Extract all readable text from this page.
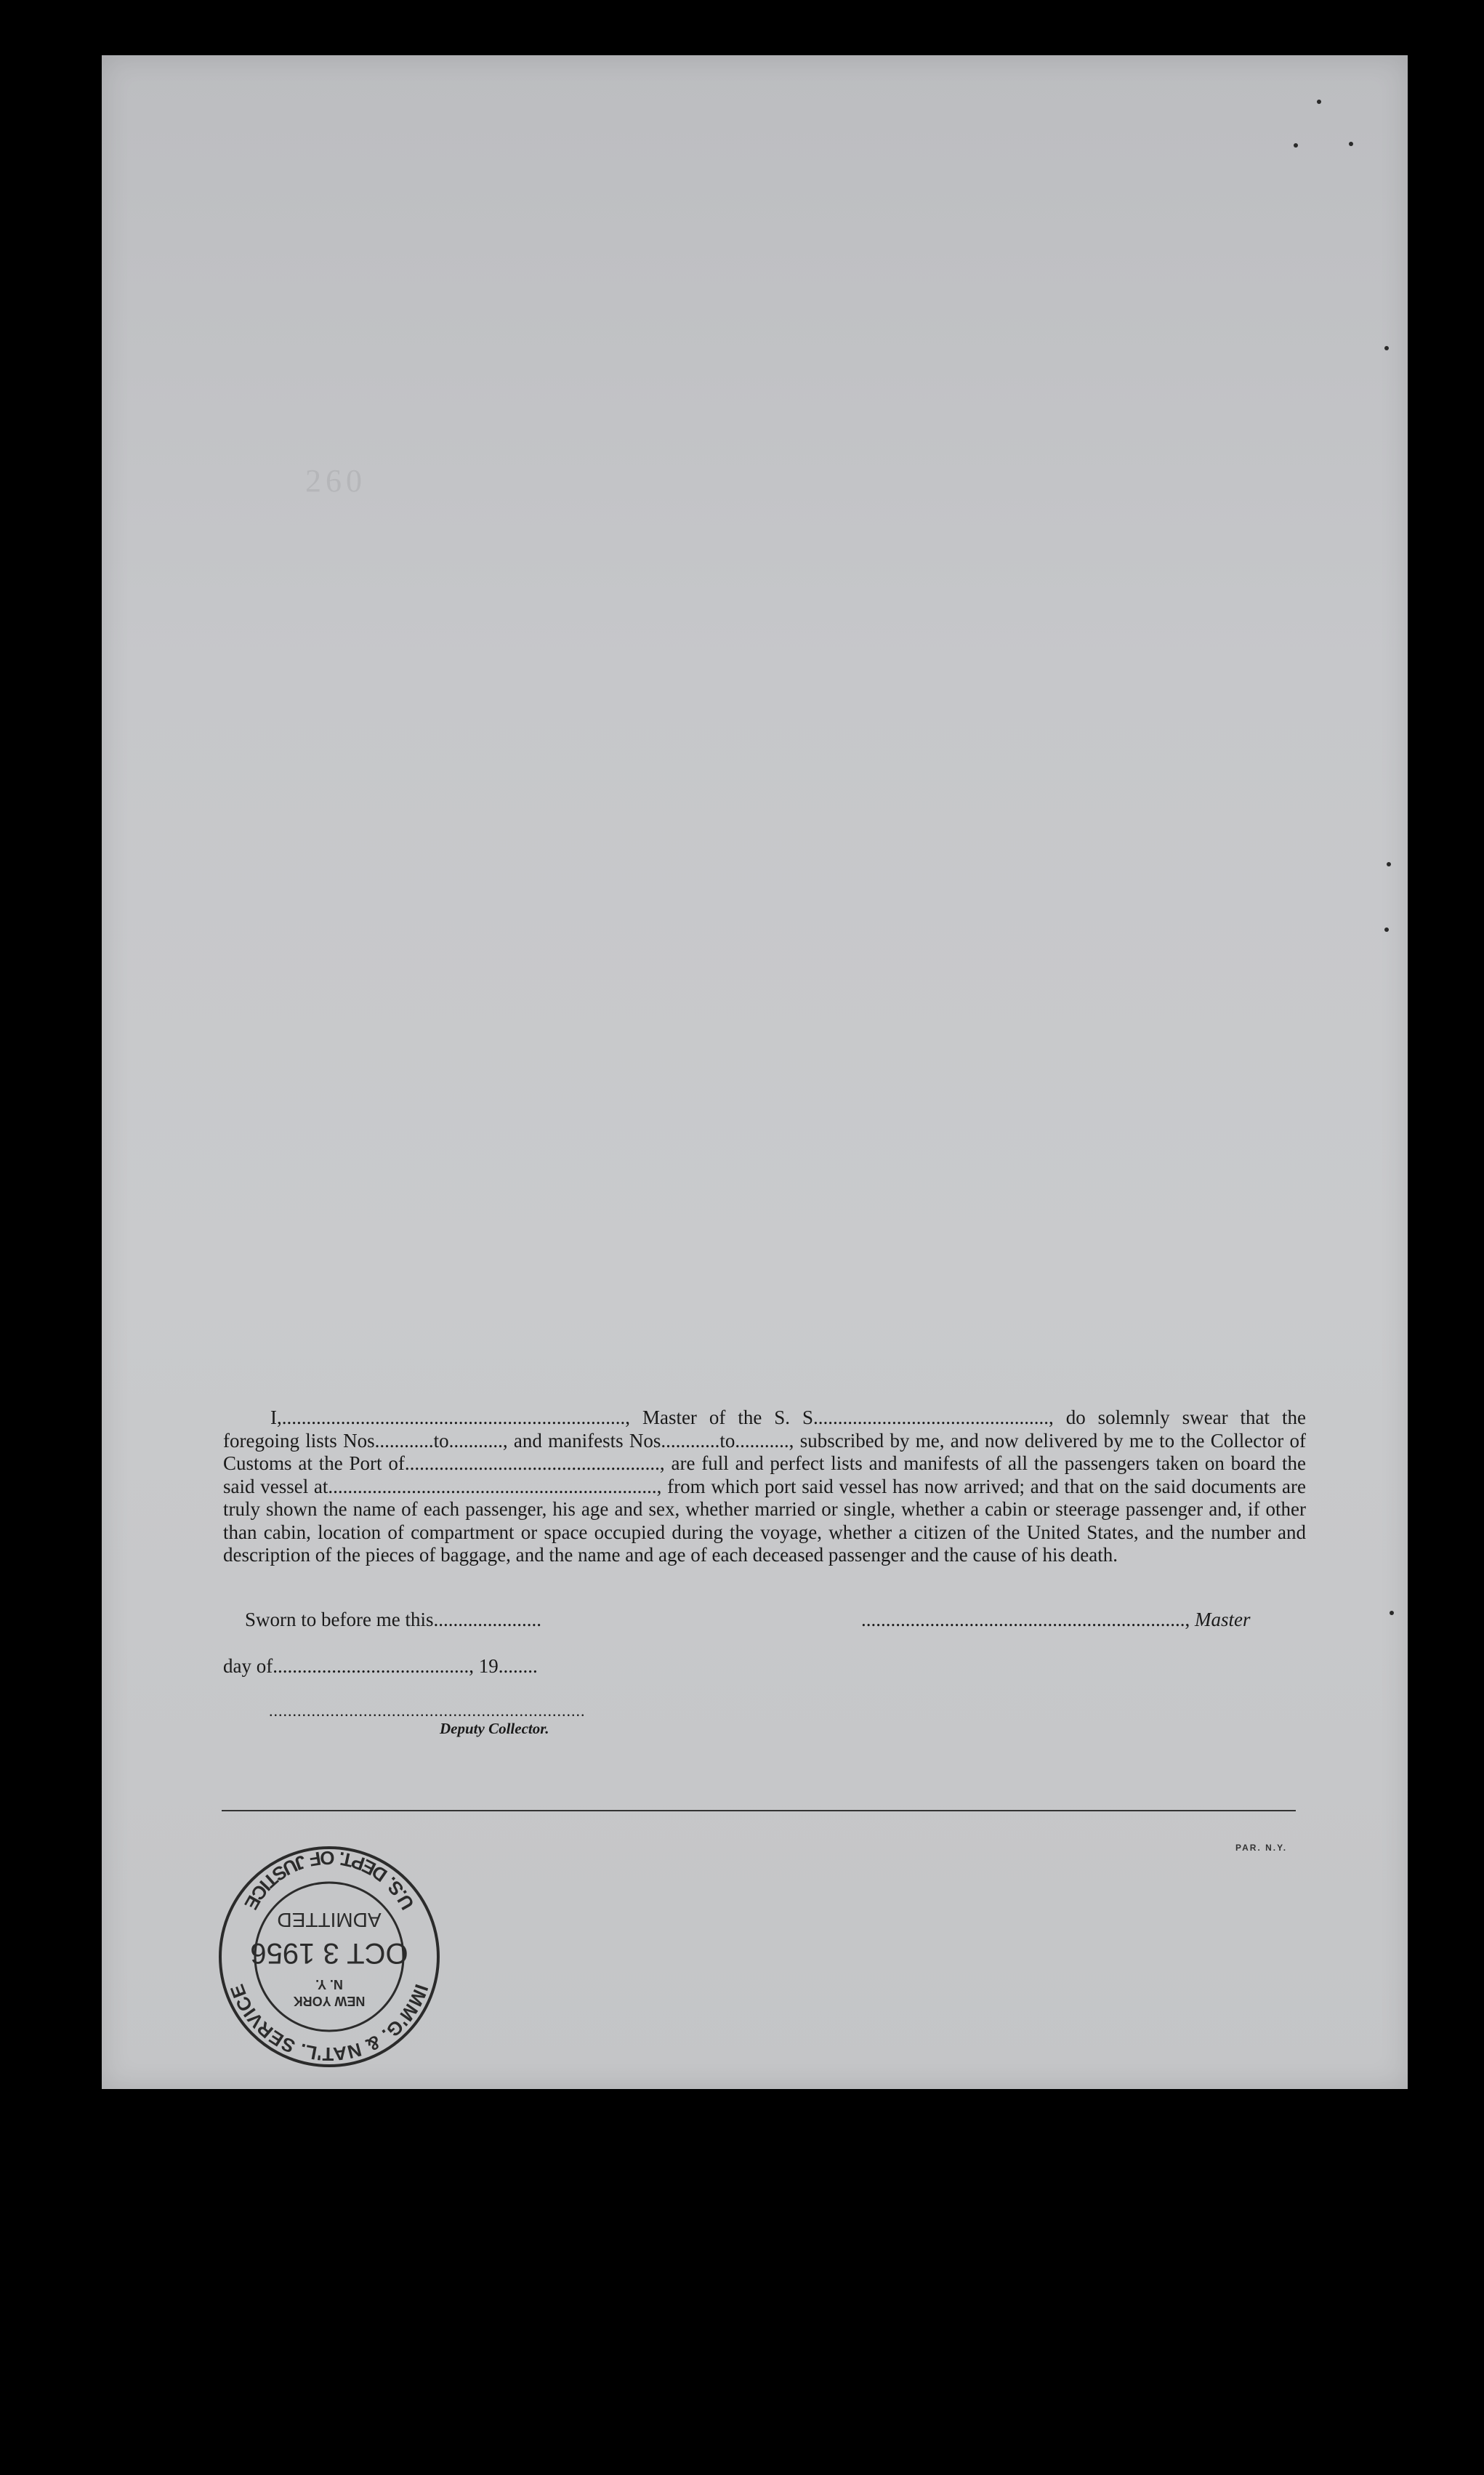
260

I,......................................................................, Master of the S. S................................................, do solemnly swear that the foregoing lists Nos............to..........., and manifests Nos............to..........., subscribed by me, and now delivered by me to the Collector of Customs at the Port of...................................................., are full and perfect lists and manifests of all the passengers taken on board the said vessel at..................................................................., from which port said vessel has now arrived; and that on the said documents are truly shown the name of each passenger, his age and sex, whether married or single, whether a cabin or steerage passenger and, if other than cabin, location of compartment or space occupied during the voyage, whether a citizen of the United States, and the number and description of the pieces of baggage, and the name and age of each deceased passenger and the cause of his death.

Sworn to before me this......................	.................................................................., Master
day of........................................, 19........
...................................................................
Deputy Collector.
PAR. N.Y.
IMM'G. & NAT'L. SERVICE
U.S. DEPT. OF JUSTICE
NEW YORK
N. Y.
OCT 3 1956
ADMITTED
